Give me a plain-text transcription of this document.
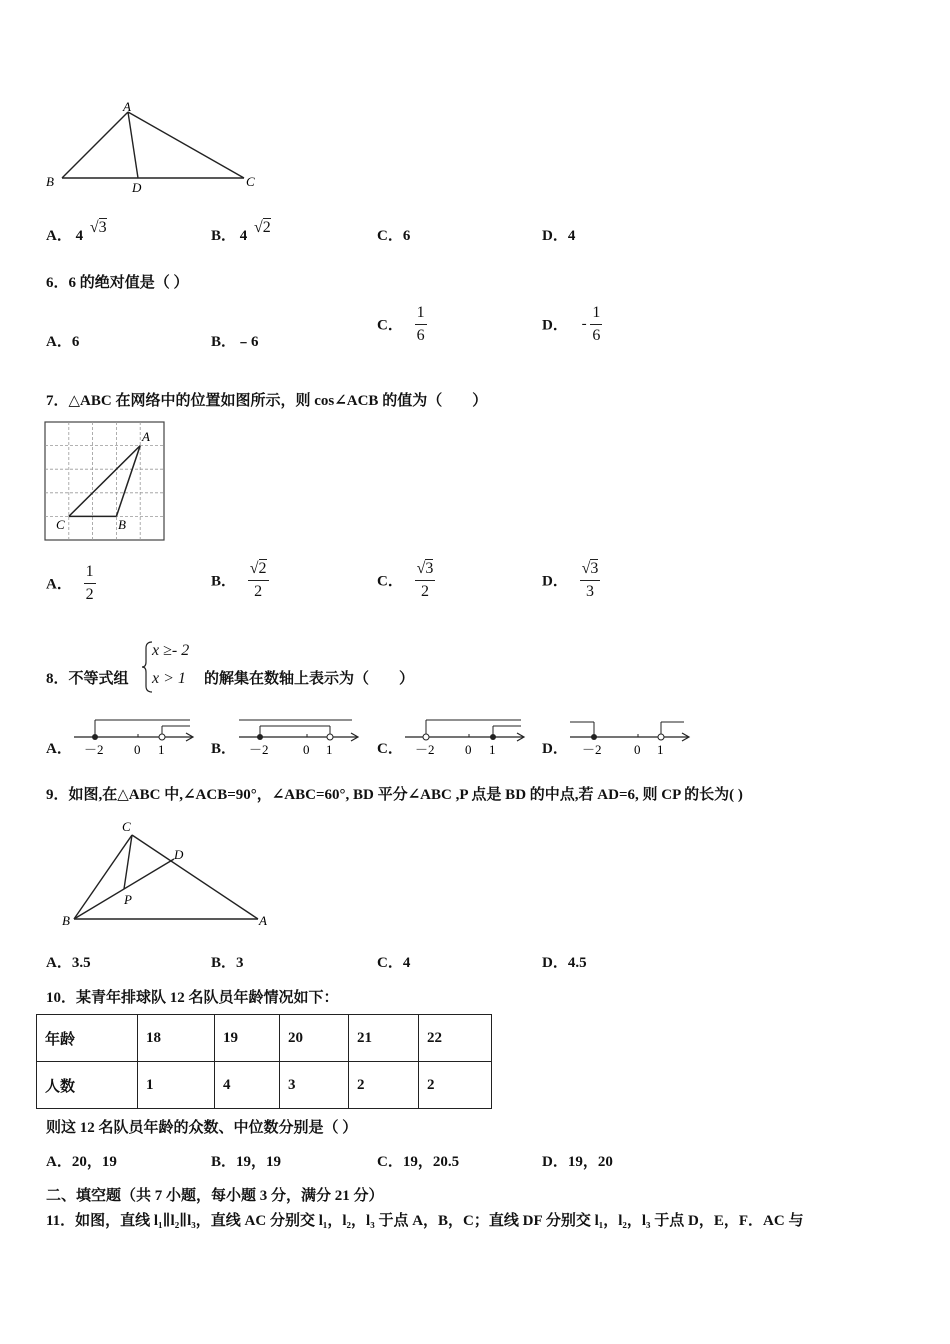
A
B	D	C
A． 4 √3	B． 4 √2	C．6	D．4
6．6 的绝对值是（ ）
A．6	B．﹣6
C． $\frac{1}{6}$	D． - $\frac{1}{6}$
7．△ABC 在网络中的位置如图所示，则 cos∠ACB 的值为（　　）
A
C	B
A． $\frac{1}{2}$	B． $\frac{√2}{2}$	C． $\frac{√3}{2}$	D． $\frac{√3}{3}$
8．不等式组
x ≥- 2
x > 1 的解集在数轴上表示为（　　）
A．	B．	C．	D．
－2 0 1	－2	0 1	－2 0 1	－2 0 1
9．如图,在△ABC 中,∠ACB=90°，∠ABC=60°, BD 平分∠ABC ,P 点是 BD 的中点,若 AD=6, 则 CP 的长为( )
C
D
P
B	A
A．3.5	B．3	C．4	D．4.5
10．某青年排球队 12 名队员年龄情况如下：
年龄	18	19	20	21	22
人数	1	4	3	2	2
则这 12 名队员年龄的众数、中位数分别是（ ）
A．20，19	B．19，19	C．19，20.5	D．19，20
二、填空题（共 7 小题，每小题 3 分，满分 21 分）
11．如图，直线 l₁∥l₂∥l₃，直线 AC 分别交 l₁，l₂，l₃ 于点 A，B，C；直线 DF 分别交 l₁，l₂，l₃ 于点 D，E，F．AC 与
